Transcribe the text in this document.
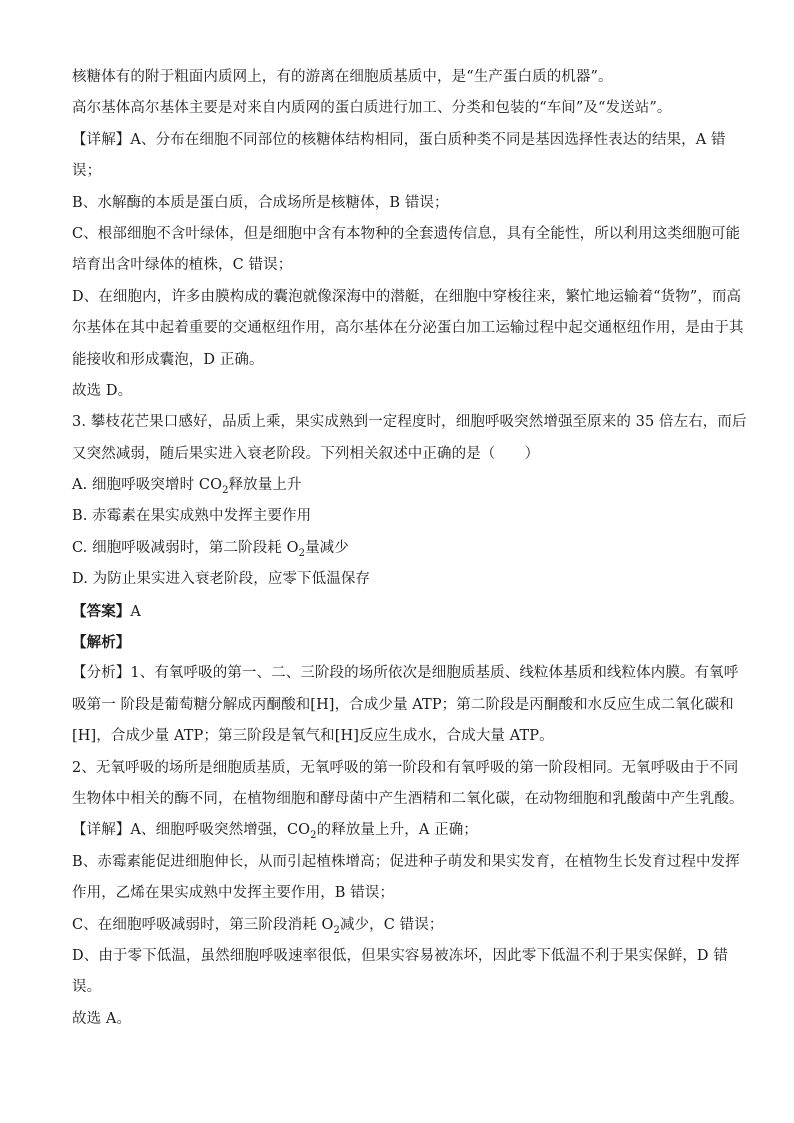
核糖体有的附于粗面内质网上，有的游离在细胞质基质中，是“生产蛋白质的机器”。
高尔基体高尔基体主要是对来自内质网的蛋白质进行加工、分类和包装的“车间”及“发送站”。
【详解】A、分布在细胞不同部位的核糖体结构相同，蛋白质种类不同是基因选择性表达的结果，A 错
误；
B、水解酶的本质是蛋白质，合成场所是核糖体，B 错误；
C、根部细胞不含叶绿体，但是细胞中含有本物种的全套遗传信息，具有全能性，所以利用这类细胞可能
培育出含叶绿体的植株，C 错误；
D、在细胞内，许多由膜构成的囊泡就像深海中的潜艇，在细胞中穿梭往来，繁忙地运输着“货物”，而高
尔基体在其中起着重要的交通枢纽作用，高尔基体在分泌蛋白加工运输过程中起交通枢纽作用，是由于其
能接收和形成囊泡，D 正确。
故选 D。
3. 攀枝花芒果口感好，品质上乘，果实成熟到一定程度时，细胞呼吸突然增强至原来的 35 倍左右，而后
又突然减弱，随后果实进入衰老阶段。下列相关叙述中正确的是（　　）
A. 细胞呼吸突增时 $CO_2$释放量上升
B. 赤霉素在果实成熟中发挥主要作用
C. 细胞呼吸减弱时，第二阶段耗 $O_2$量减少
D. 为防止果实进入衰老阶段，应零下低温保存
【答案】A
【解析】
【分析】1、有氧呼吸的第一、二、三阶段的场所依次是细胞质基质、线粒体基质和线粒体内膜。有氧呼
吸第一 阶段是葡萄糖分解成丙酮酸和[H]，合成少量 ATP；第二阶段是丙酮酸和水反应生成二氧化碳和
[H]，合成少量 ATP；第三阶段是氧气和[H]反应生成水，合成大量 ATP。
2、无氧呼吸的场所是细胞质基质，无氧呼吸的第一阶段和有氧呼吸的第一阶段相同。无氧呼吸由于不同
生物体中相关的酶不同，在植物细胞和酵母菌中产生酒精和二氧化碳，在动物细胞和乳酸菌中产生乳酸。
【详解】A、细胞呼吸突然增强，$CO_2$的释放量上升，A 正确；
B、赤霉素能促进细胞伸长，从而引起植株增高；促进种子萌发和果实发育，在植物生长发育过程中发挥
作用，乙烯在果实成熟中发挥主要作用，B 错误；
C、在细胞呼吸减弱时，第三阶段消耗 $O_2$减少，C 错误；
D、由于零下低温，虽然细胞呼吸速率很低，但果实容易被冻坏，因此零下低温不利于果实保鲜，D 错
误。
故选 A。
